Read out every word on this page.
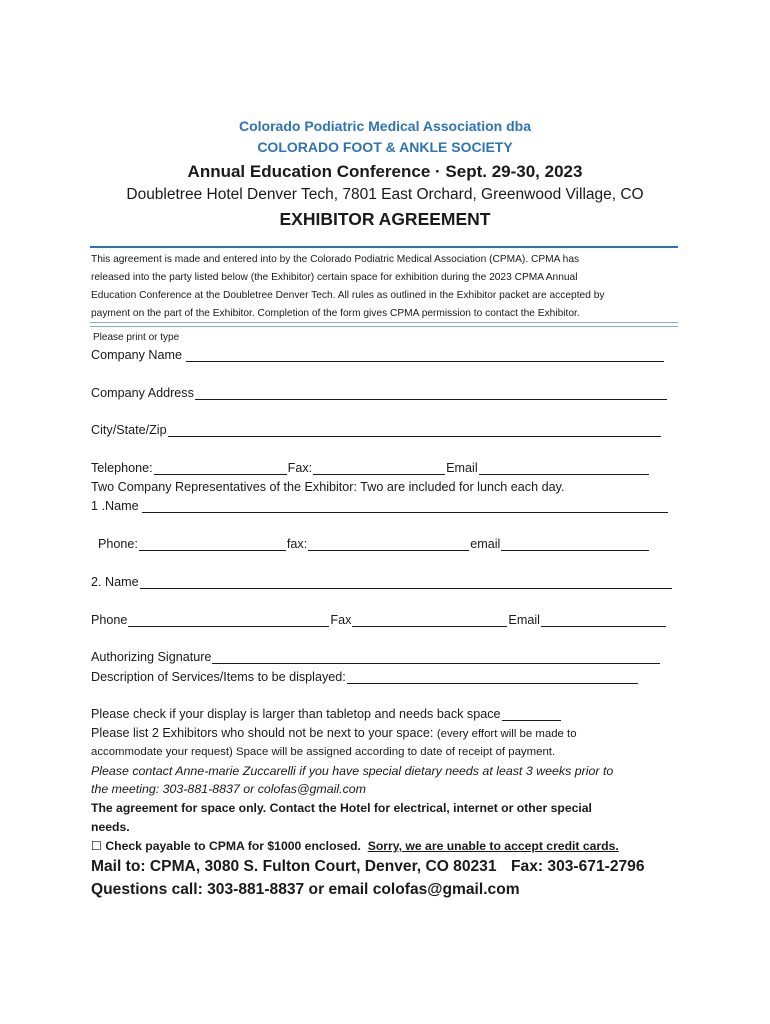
Colorado Podiatric Medical Association dba
COLORADO FOOT & ANKLE SOCIETY
Annual Education Conference · Sept. 29-30, 2023
Doubletree Hotel Denver Tech, 7801 East Orchard, Greenwood Village, CO
EXHIBITOR AGREEMENT
This agreement is made and entered into by the Colorado Podiatric Medical Association (CPMA). CPMA has
released into the party listed below (the Exhibitor) certain space for exhibition during the 2023 CPMA Annual
Education Conference at the Doubletree Denver Tech. All rules as outlined in the Exhibitor packet are accepted by
payment on the part of the Exhibitor. Completion of the form gives CPMA permission to contact the Exhibitor.
Please print or type
Company Name
Company Address
City/State/Zip
Telephone:	Fax:	Email
Two Company Representatives of the Exhibitor: Two are included for lunch each day.
1 .Name
Phone:	fax:	email
2. Name
Phone	Fax	Email
Authorizing Signature
Description of Services/Items to be displayed:
Please check if your display is larger than tabletop and needs back space
Please list 2 Exhibitors who should not be next to your space: (every effort will be made to
accommodate your request) Space will be assigned according to date of receipt of payment.
Please contact Anne-marie Zuccarelli if you have special dietary needs at least 3 weeks prior to
the meeting: 303-881-8837 or colofas@gmail.com
The agreement for space only. Contact the Hotel for electrical, internet or other special
needs.
☐ Check payable to CPMA for $1000 enclosed.  Sorry, we are unable to accept credit cards.
Mail to: CPMA, 3080 S. Fulton Court, Denver, CO 80231 Fax: 303-671-2796
Questions call: 303-881-8837 or email colofas@gmail.com
